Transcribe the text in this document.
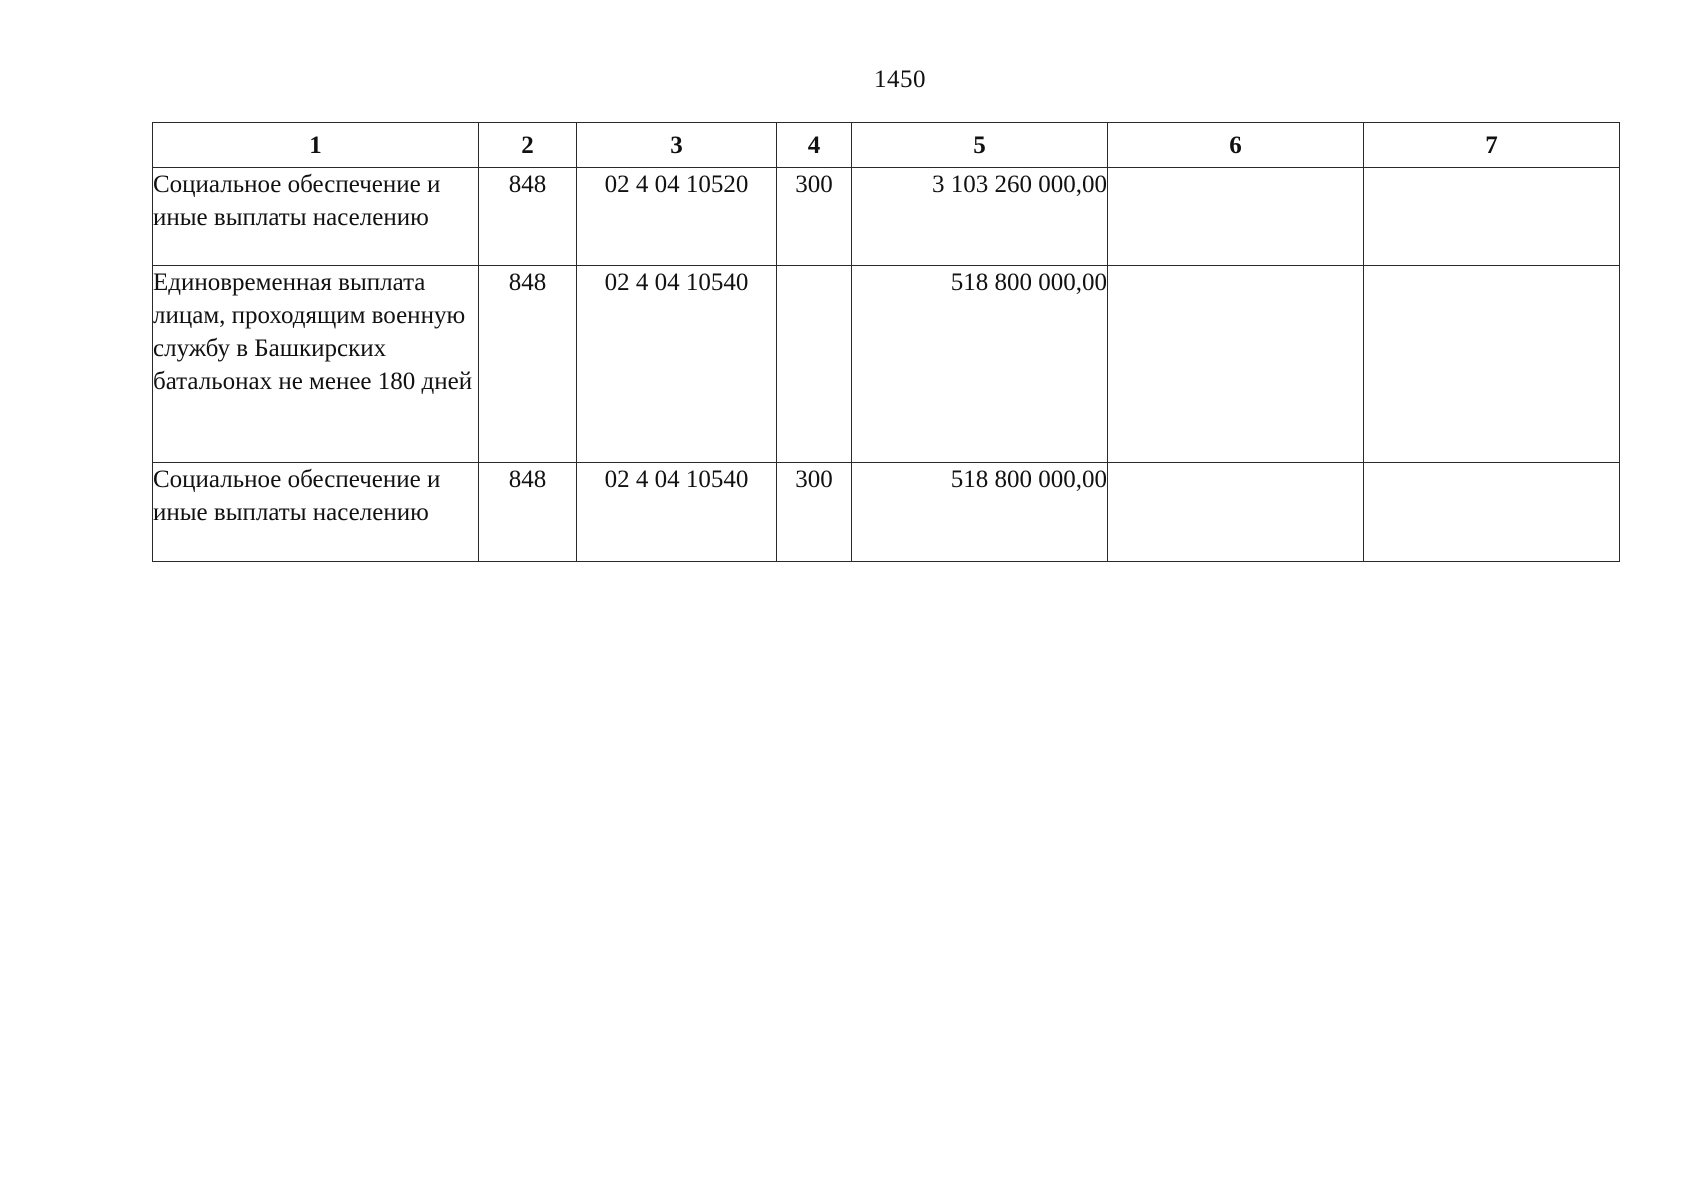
1450
1	2	3	4	5	6	7
Социальное обеспечение и иные выплаты населению	848	02 4 04 10520	300	3 103 260 000,00		
Единовременная выплата лицам, проходящим военную службу в Башкирских батальонах не менее 180 дней	848	02 4 04 10540		518 800 000,00		
Социальное обеспечение и иные выплаты населению	848	02 4 04 10540	300	518 800 000,00		
